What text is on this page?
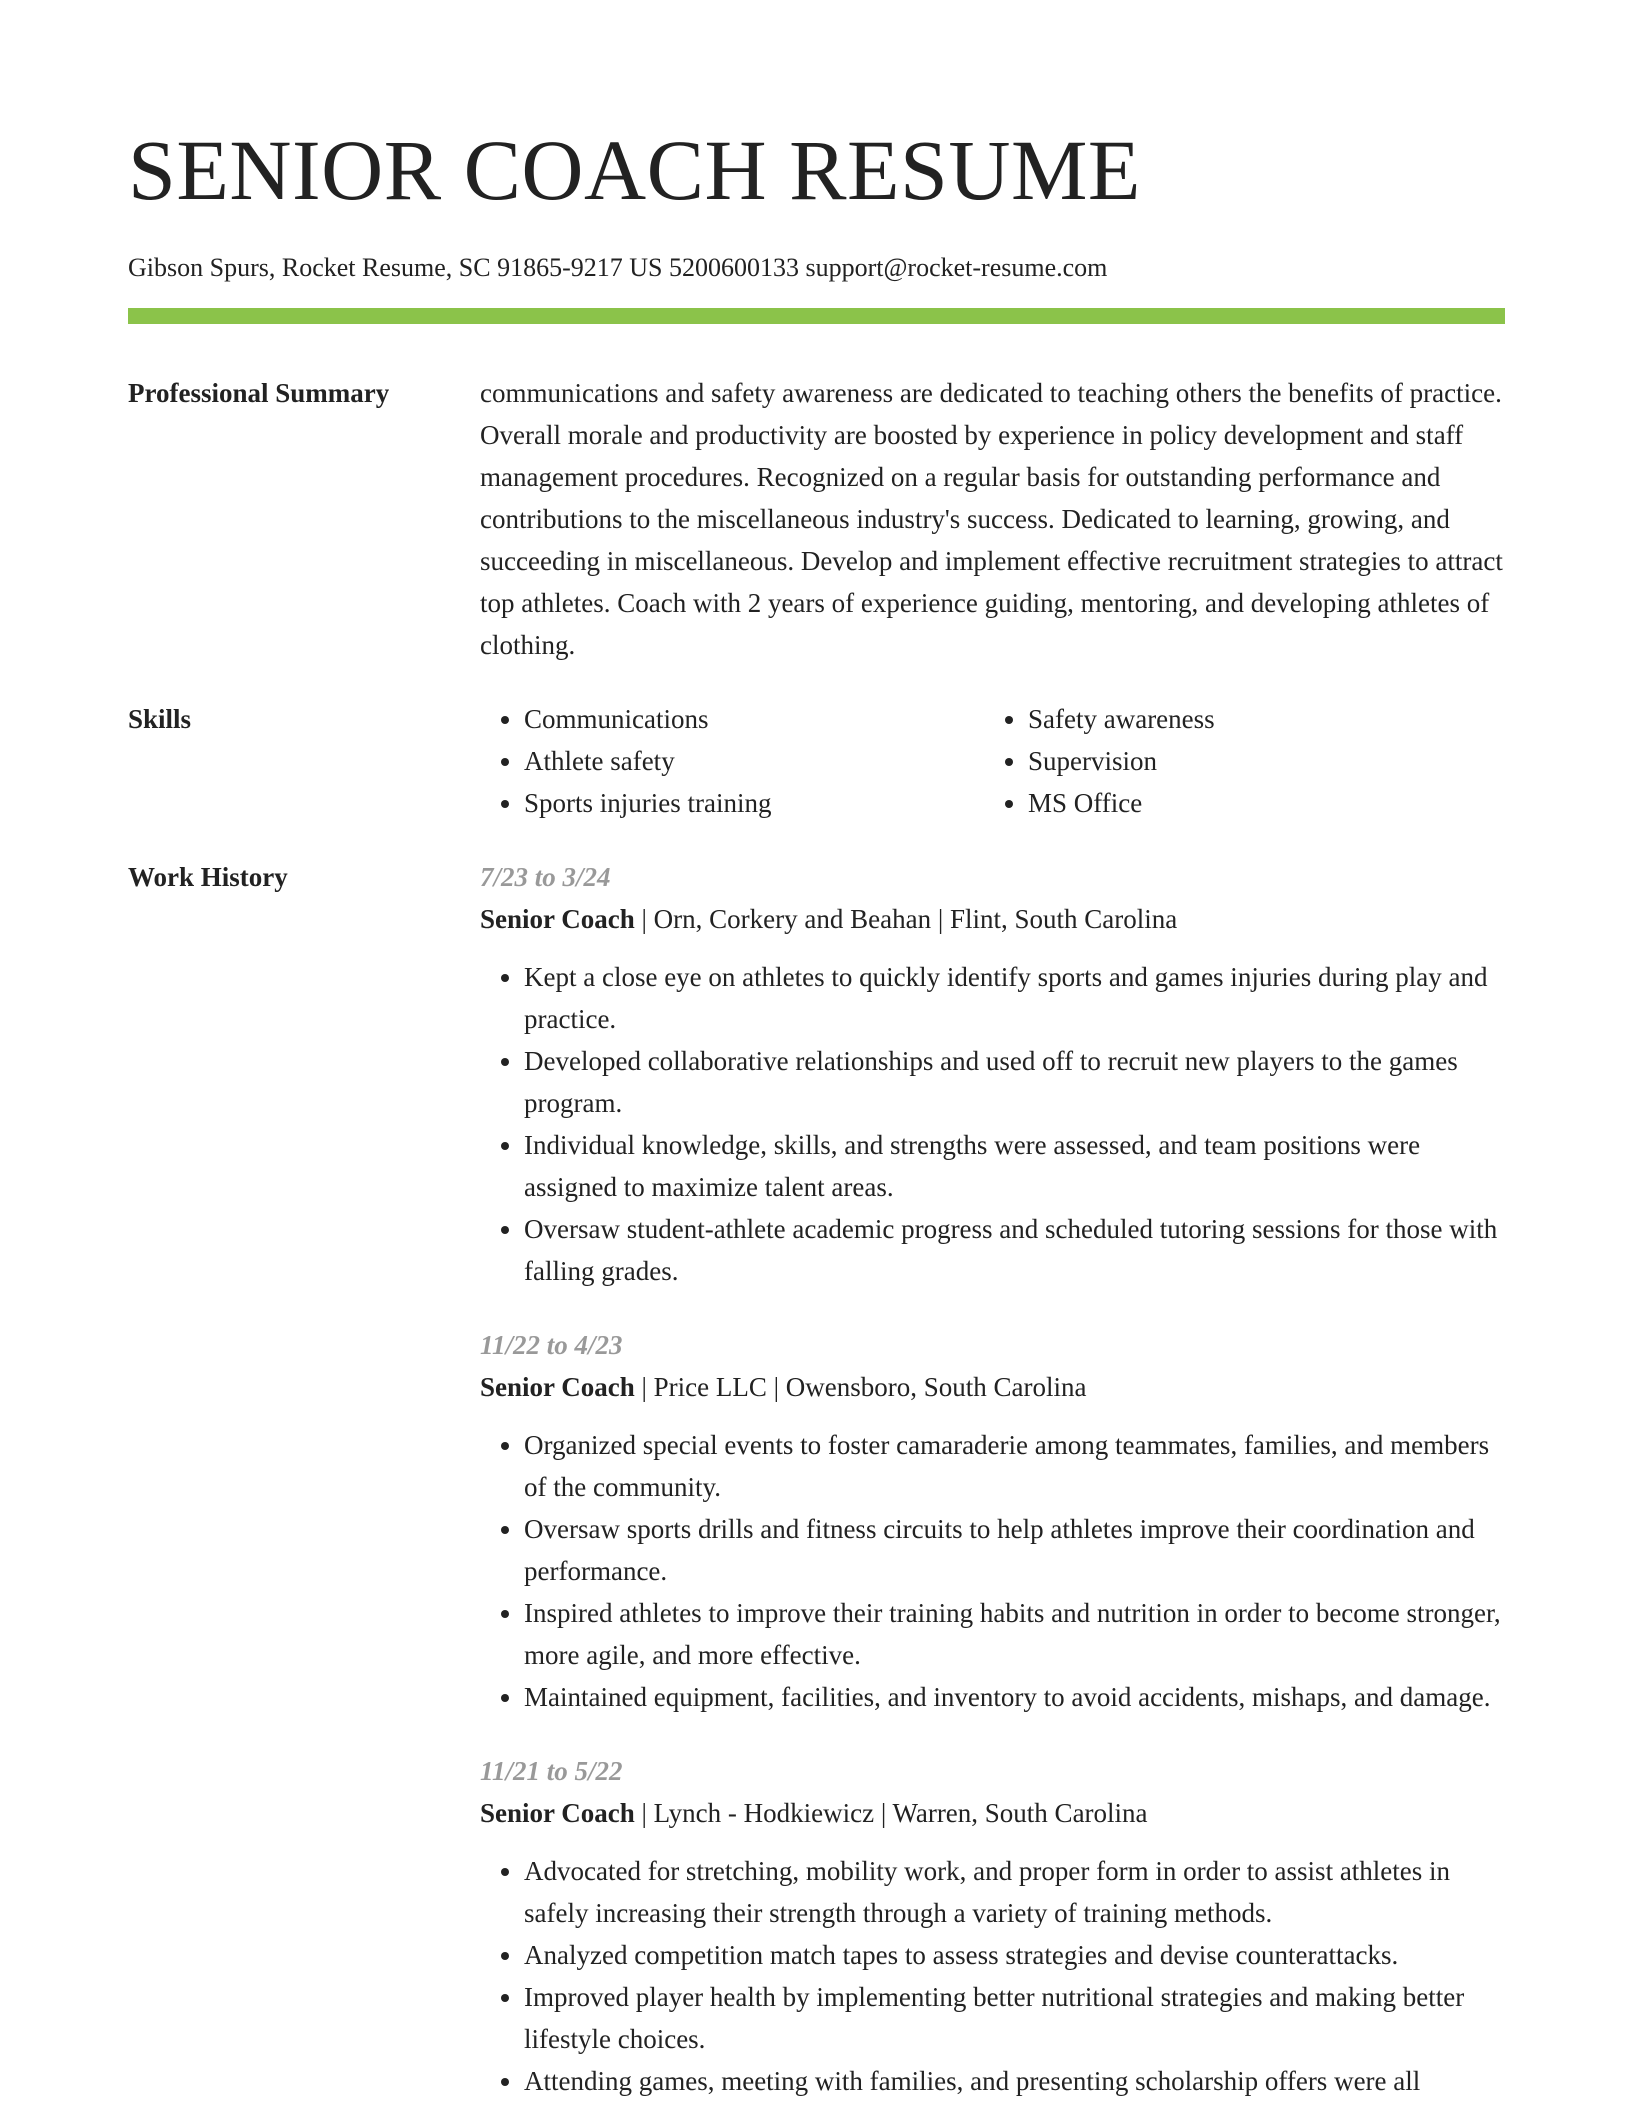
SENIOR COACH RESUME
Gibson Spurs, Rocket Resume, SC 91865-9217 US 5200600133 support@rocket-resume.com
Professional Summary	communications and safety awareness are dedicated to teaching others the benefits of practice. Overall morale and productivity are boosted by experience in policy development and staff management procedures. Recognized on a regular basis for outstanding performance and contributions to the miscellaneous industry's success. Dedicated to learning, growing, and succeeding in miscellaneous. Develop and implement effective recruitment strategies to attract top athletes. Coach with 2 years of experience guiding, mentoring, and developing athletes of clothing.

Skills
•	Communications
• Athlete safety
• Sports injuries training
• Safety awareness
• Supervision
• MS Office
Work History	7/23 to 3/24
Senior Coach | Orn, Corkery and Beahan | Flint, South Carolina
• Kept a close eye on athletes to quickly identify sports and games injuries during play and practice.
• Developed collaborative relationships and used off to recruit new players to the games program.
• Individual knowledge, skills, and strengths were assessed, and team positions were assigned to maximize talent areas.
• Oversaw student-athlete academic progress and scheduled tutoring sessions for those with falling grades.
11/22 to 4/23
Senior Coach | Price LLC | Owensboro, South Carolina
• Organized special events to foster camaraderie among teammates, families, and members of the community.
• Oversaw sports drills and fitness circuits to help athletes improve their coordination and performance.
• Inspired athletes to improve their training habits and nutrition in order to become stronger, more agile, and more effective.
• Maintained equipment, facilities, and inventory to avoid accidents, mishaps, and damage.
11/21 to 5/22
Senior Coach | Lynch - Hodkiewicz | Warren, South Carolina
• Advocated for stretching, mobility work, and proper form in order to assist athletes in safely increasing their strength through a variety of training methods.
• Analyzed competition match tapes to assess strategies and devise counterattacks.
• Improved player health by implementing better nutritional strategies and making better lifestyle choices.
• Attending games, meeting with families, and presenting scholarship offers were all
